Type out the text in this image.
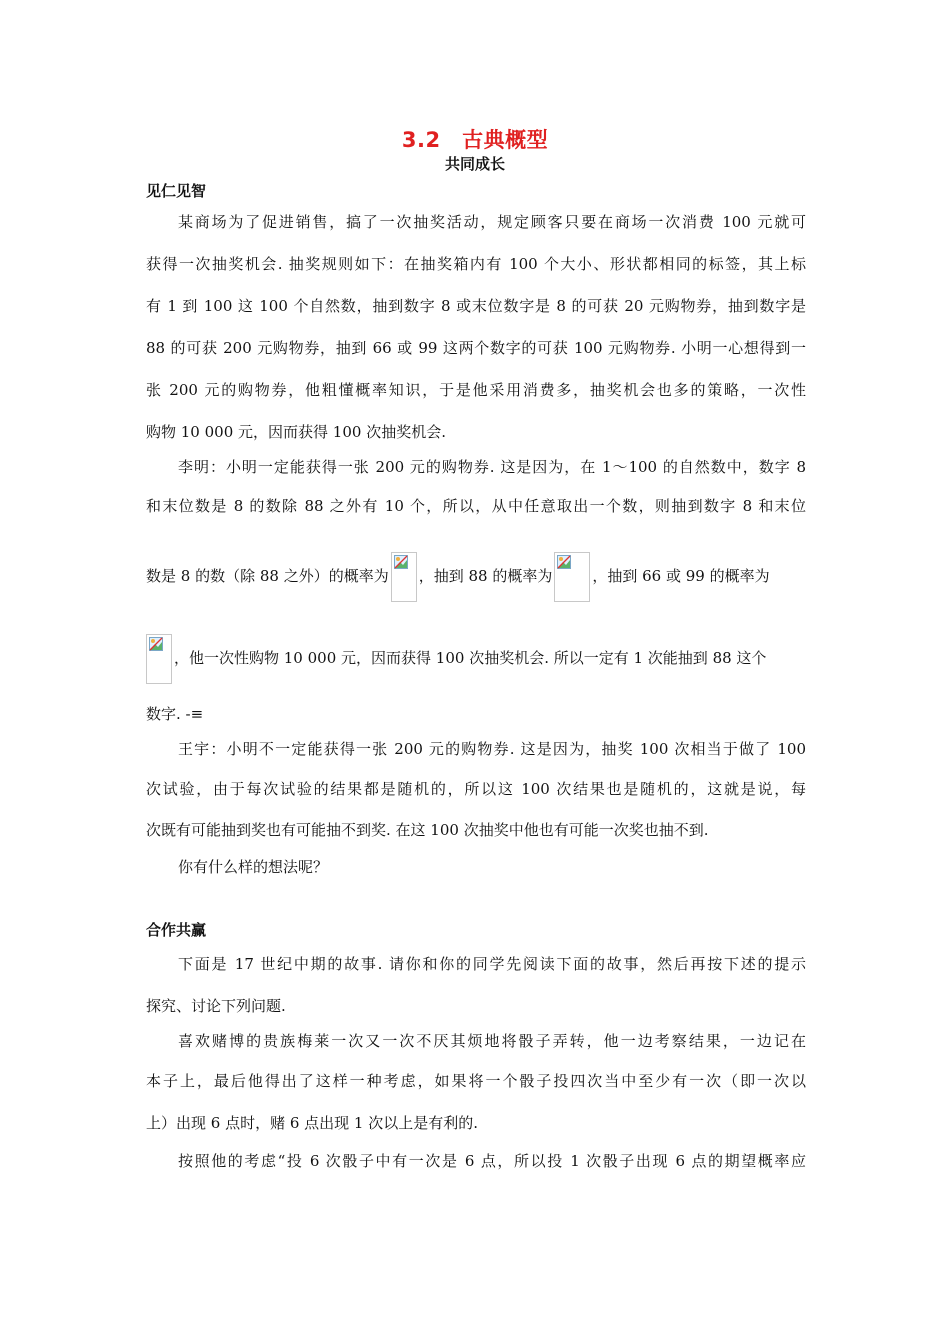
3.2　古典概型
共同成长
见仁见智
某商场为了促进销售，搞了一次抽奖活动，规定顾客只要在商场一次消费 100 元就可
获得一次抽奖机会. 抽奖规则如下：在抽奖箱内有 100 个大小、形状都相同的标签，其上标
有 1 到 100 这 100 个自然数，抽到数字 8 或末位数字是 8 的可获 20 元购物券，抽到数字是
88 的可获 200 元购物券，抽到 66 或 99 这两个数字的可获 100 元购物券. 小明一心想得到一
张 200 元的购物券，他粗懂概率知识，于是他采用消费多，抽奖机会也多的策略，一次性
购物 10 000 元，因而获得 100 次抽奖机会.
李明：小明一定能获得一张 200 元的购物券. 这是因为，在 1～100 的自然数中，数字 8
和末位数是 8 的数除 88 之外有 10 个，所以，从中任意取出一个数，则抽到数字 8 和末位
数是 8 的数（除 88 之外）的概率为 ，抽到 88 的概率为	，抽到 66 或 99 的概率为
，他一次性购物 10 000 元，因而获得 100 次抽奖机会. 所以一定有 1 次能抽到 88 这个
数字. -≡
王宇：小明不一定能获得一张 200 元的购物券. 这是因为，抽奖 100 次相当于做了 100
次试验，由于每次试验的结果都是随机的，所以这 100 次结果也是随机的，这就是说，每
次既有可能抽到奖也有可能抽不到奖. 在这 100 次抽奖中他也有可能一次奖也抽不到.
你有什么样的想法呢？
合作共赢
下面是 17 世纪中期的故事. 请你和你的同学先阅读下面的故事，然后再按下述的提示
探究、讨论下列问题.
喜欢赌博的贵族梅莱一次又一次不厌其烦地将骰子弄转，他一边考察结果，一边记在
本子上，最后他得出了这样一种考虑，如果将一个骰子投四次当中至少有一次（即一次以
上）出现 6 点时，赌 6 点出现 1 次以上是有利的.
按照他的考虑“投 6 次骰子中有一次是 6 点，所以投 1 次骰子出现 6 点的期望概率应
